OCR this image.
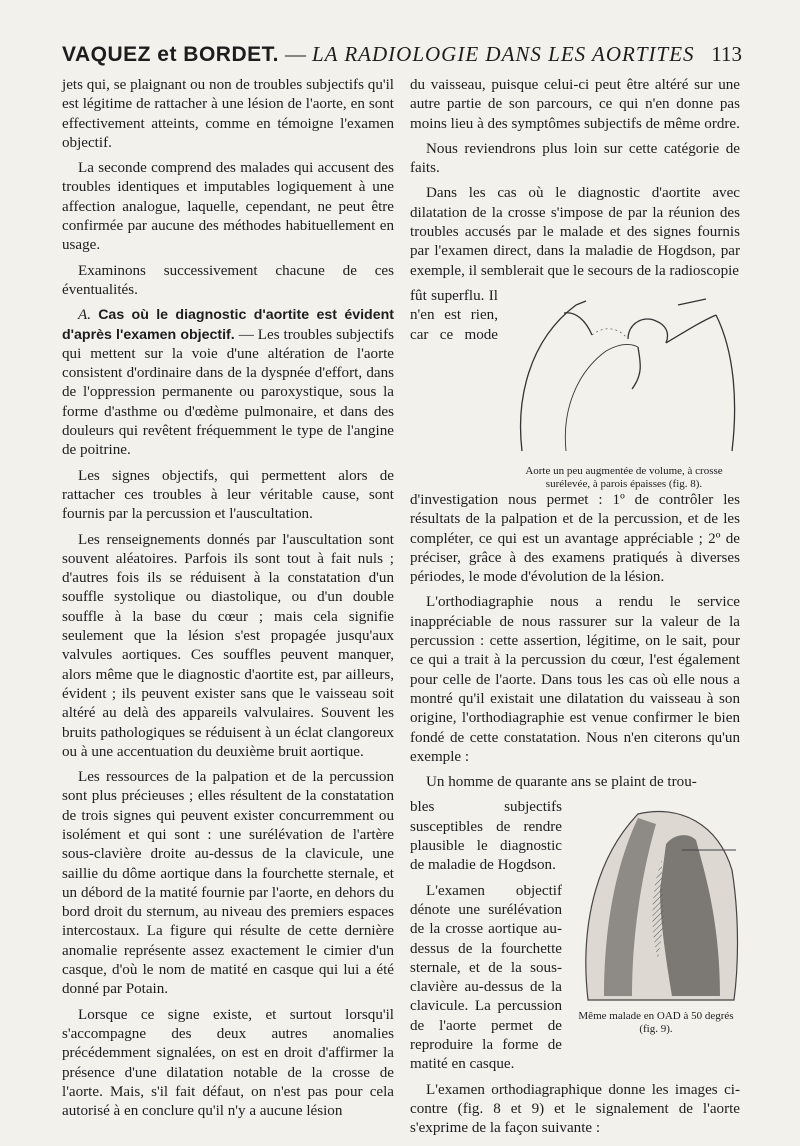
VAQUEZ et BORDET. — LA RADIOLOGIE DANS LES AORTITES 113

jets qui, se plaignant ou non de troubles subjectifs qu'il est légitime de rattacher à une lésion de l'aorte, en sont effectivement atteints, comme en témoigne l'examen objectif.

La seconde comprend des malades qui accusent des troubles identiques et imputables logiquement à une affection analogue, laquelle, cependant, ne peut être confirmée par aucune des méthodes habituellement en usage.

Examinons successivement chacune de ces éventualités.

A. Cas où le diagnostic d'aortite est évident d'après l'examen objectif. — Les troubles subjectifs qui mettent sur la voie d'une altération de l'aorte consistent d'ordinaire dans de la dyspnée d'effort, dans de l'oppression permanente ou paroxystique, sous la forme d'asthme ou d'œdème pulmonaire, et dans des douleurs qui revêtent fréquemment le type de l'angine de poitrine.

Les signes objectifs, qui permettent alors de rattacher ces troubles à leur véritable cause, sont fournis par la percussion et l'auscultation.

Les renseignements donnés par l'auscultation sont souvent aléatoires. Parfois ils sont tout à fait nuls ; d'autres fois ils se réduisent à la constatation d'un souffle systolique ou diastolique, ou d'un double souffle à la base du cœur ; mais cela signifie seulement que la lésion s'est propagée jusqu'aux valvules aortiques. Ces souffles peuvent manquer, alors même que le diagnostic d'aortite est, par ailleurs, évident ; ils peuvent exister sans que le vaisseau soit altéré au delà des appareils valvulaires. Souvent les bruits pathologiques se réduisent à un éclat clangoreux ou à une accentuation du deuxième bruit aortique.

Les ressources de la palpation et de la percussion sont plus précieuses ; elles résultent de la constatation de trois signes qui peuvent exister concurremment ou isolément et qui sont : une surélévation de l'artère sous-clavière droite au-dessus de la clavicule, une saillie du dôme aortique dans la fourchette sternale, et un débord de la matité fournie par l'aorte, en dehors du bord droit du sternum, au niveau des premiers espaces intercostaux. La figure qui résulte de cette dernière anomalie représente assez exactement le cimier d'un casque, d'où le nom de matité en casque qui lui a été donné par Potain.

Lorsque ce signe existe, et surtout lorsqu'il s'accompagne des deux autres anomalies précédemment signalées, on est en droit d'affirmer la présence d'une dilatation notable de la crosse de l'aorte. Mais, s'il fait défaut, on n'est pas pour cela autorisé à en conclure qu'il n'y a aucune lésion

du vaisseau, puisque celui-ci peut être altéré sur une autre partie de son parcours, ce qui n'en donne pas moins lieu à des symptômes subjectifs de même ordre.

Nous reviendrons plus loin sur cette catégorie de faits.

Dans les cas où le diagnostic d'aortite avec dilatation de la crosse s'impose de par la réunion des troubles accusés par le malade et des signes fournis par l'examen direct, dans la maladie de Hogdson, par exemple, il semblerait que le secours de la radioscopie

Aorte un peu augmentée de volume, à crosse surélevée, à parois épaisses (fig. 8).

fût superflu. Il n'en est rien, car ce mode d'investigation nous permet : 1º de contrôler les résultats de la palpation et de la percussion, et de les compléter, ce qui est un avantage appréciable ; 2º de préciser, grâce à des examens pratiqués à diverses périodes, le mode d'évolution de la lésion.

L'orthodiagraphie nous a rendu le service inappréciable de nous rassurer sur la valeur de la percussion : cette assertion, légitime, on le sait, pour ce qui a trait à la percussion du cœur, l'est également pour celle de l'aorte. Dans tous les cas où elle nous a montré qu'il existait une dilatation du vaisseau à son origine, l'orthodiagraphie est venue confirmer le bien fondé de cette constatation. Nous n'en citerons qu'un exemple :

Un homme de quarante ans se plaint de trou-

Même malade en OAD à 50 degrés (fig. 9).

bles subjectifs susceptibles de rendre plausible le diagnostic de maladie de Hogdson.

L'examen objectif dénote une surélévation de la crosse aortique au-dessus de la fourchette sternale, et de la sous-clavière au-dessus de la clavicule. La percussion de l'aorte permet de reproduire la forme de matité en casque.

L'examen orthodiagraphique donne les images ci-contre (fig. 8 et 9) et le signalement de l'aorte s'exprime de la façon suivante :
